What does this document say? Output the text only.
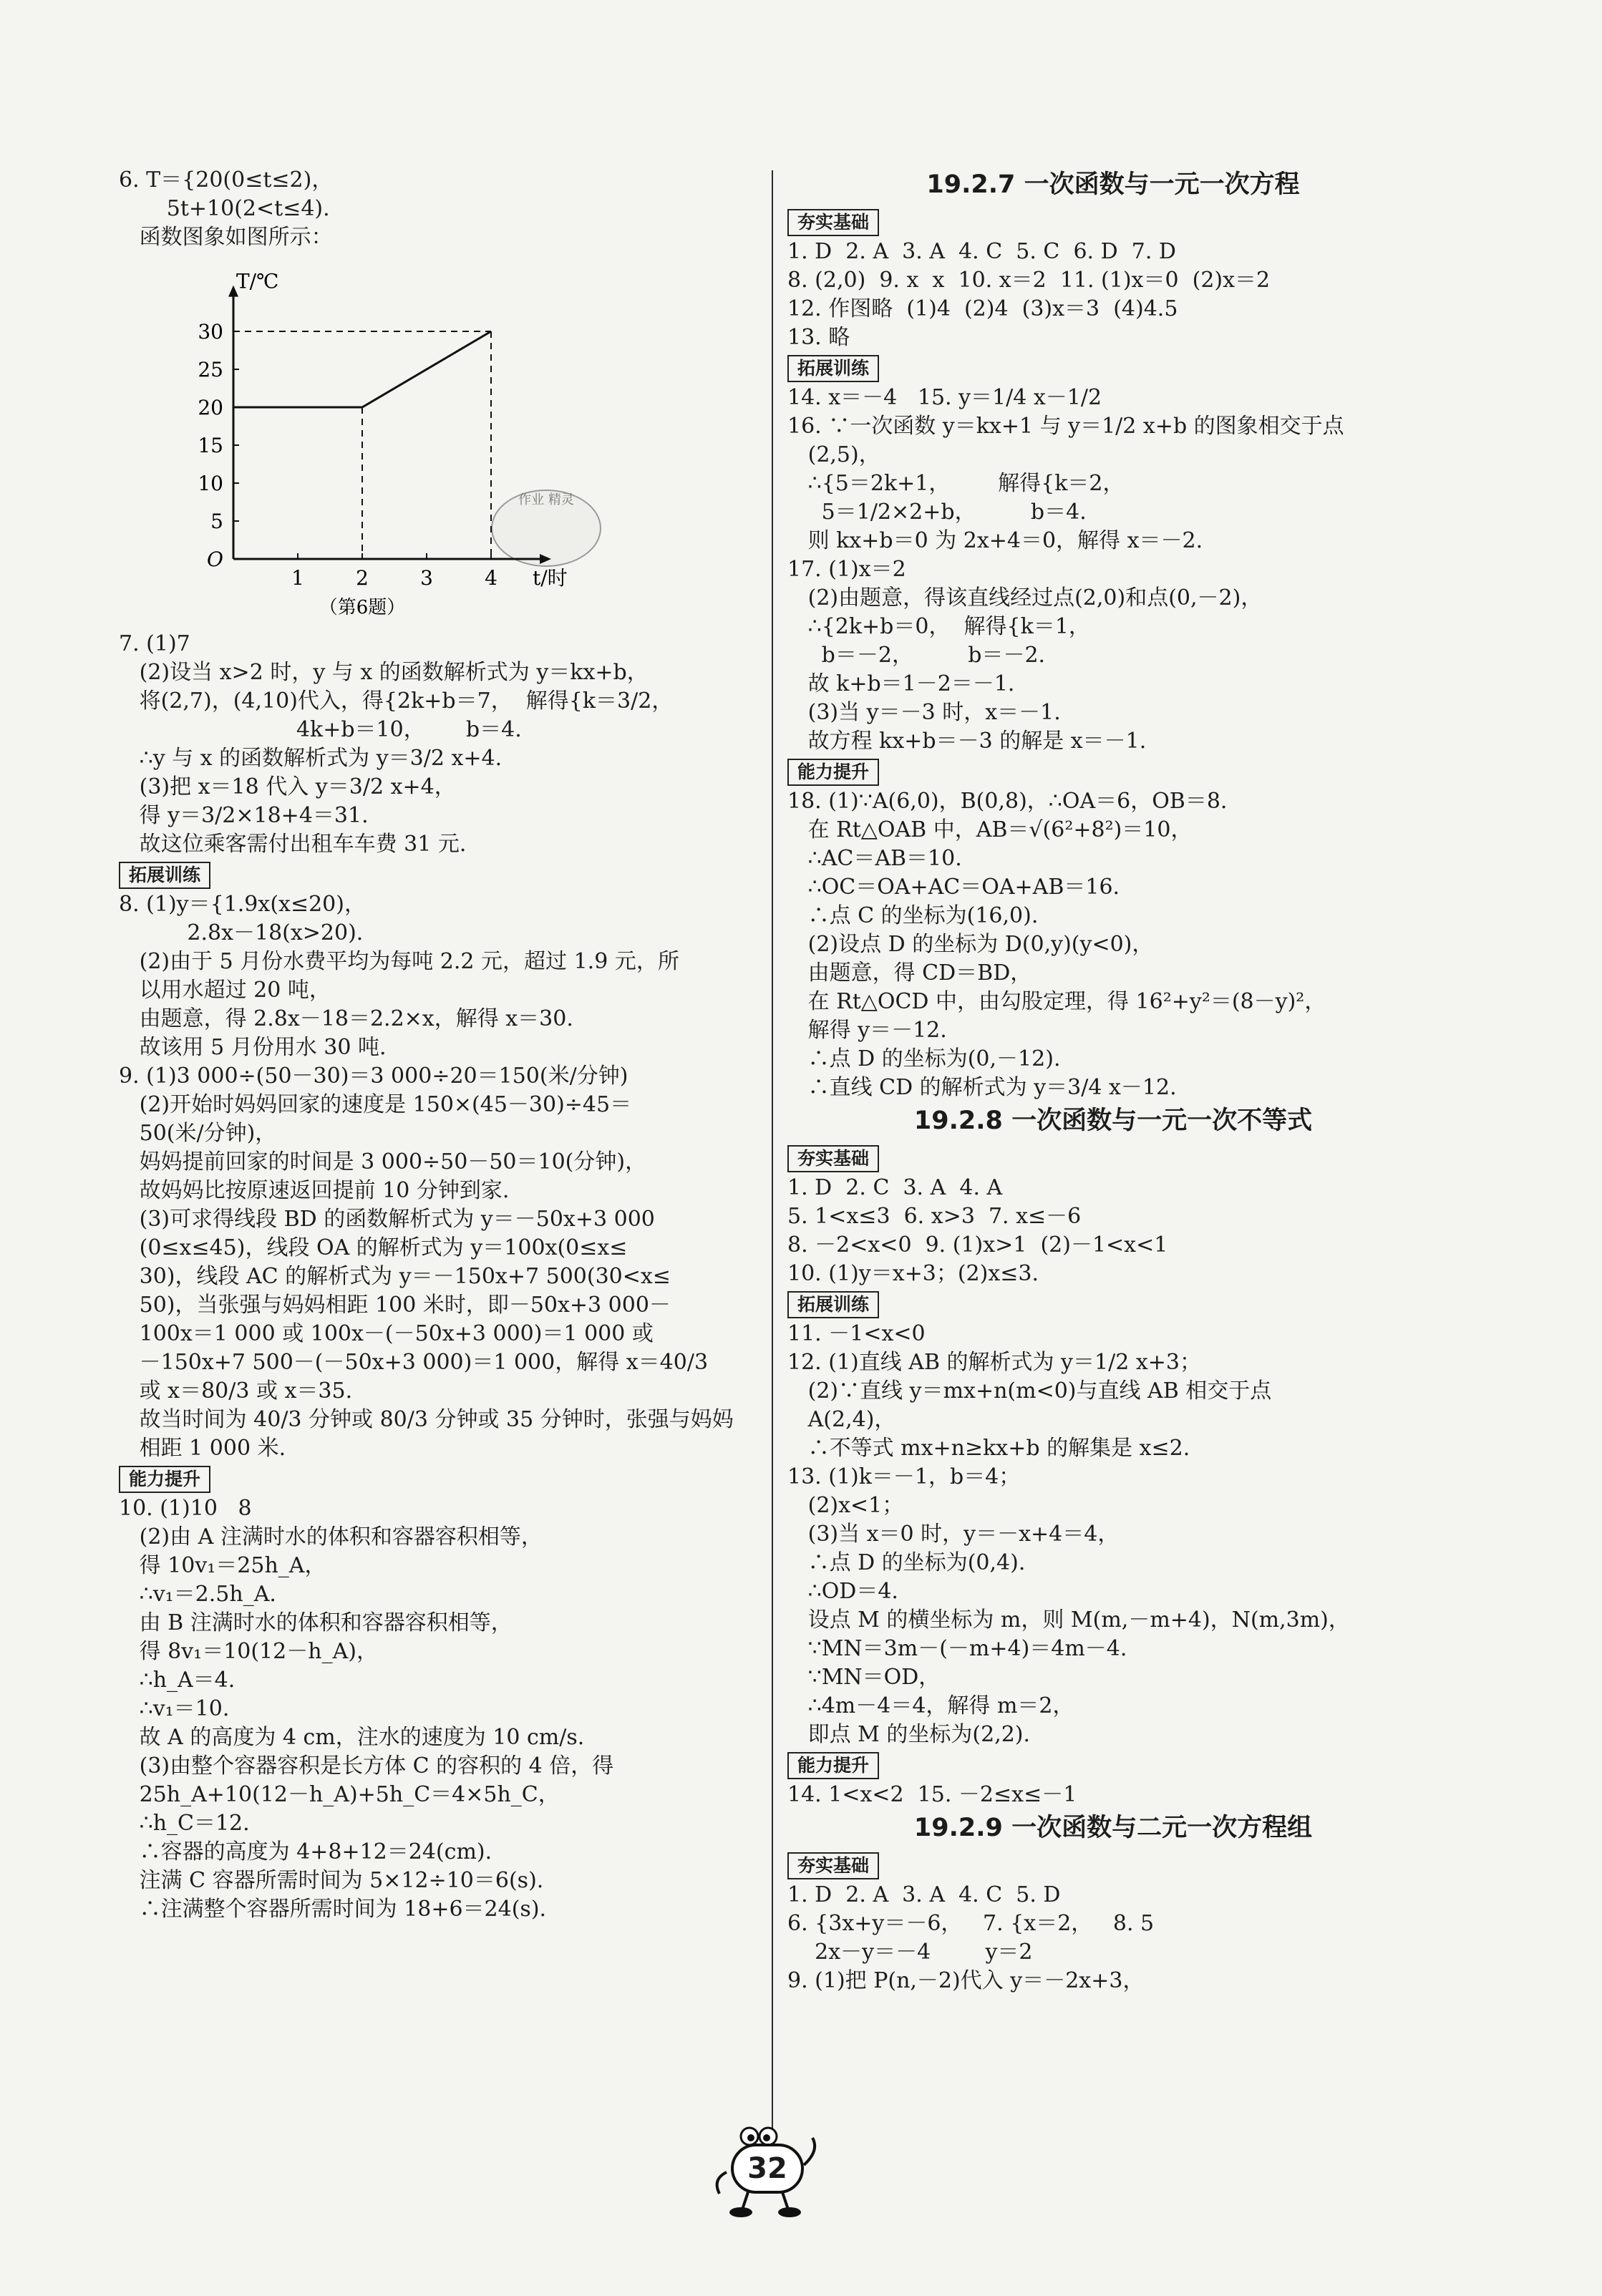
6. T＝{20(0≤t≤2)，
5t+10(2<t≤4).
函数图象如图所示：
作业 精灵
1	2	3	4
5
10
15
20
25
30
O
T/℃
t/时
（第6题）
7. (1)7
(2)设当 x>2 时，y 与 x 的函数解析式为 y＝kx+b，
将(2,7)，(4,10)代入，得{2k+b＝7，  解得{k＝3/2，
4k+b＝10，      b＝4.
∴y 与 x 的函数解析式为 y＝3/2 x+4.
(3)把 x＝18 代入 y＝3/2 x+4，
得 y＝3/2×18+4＝31.
故这位乘客需付出租车车费 31 元.
拓展训练
8. (1)y＝{1.9x(x≤20)，
2.8x－18(x>20).
(2)由于 5 月份水费平均为每吨 2.2 元，超过 1.9 元，所
以用水超过 20 吨，
由题意，得 2.8x－18＝2.2×x，解得 x＝30.
故该用 5 月份用水 30 吨.
9. (1)3 000÷(50－30)＝3 000÷20＝150(米/分钟)
(2)开始时妈妈回家的速度是 150×(45－30)÷45＝
50(米/分钟)，
妈妈提前回家的时间是 3 000÷50－50＝10(分钟)，
故妈妈比按原速返回提前 10 分钟到家.
(3)可求得线段 BD 的函数解析式为 y＝－50x+3 000
(0≤x≤45)，线段 OA 的解析式为 y＝100x(0≤x≤
30)，线段 AC 的解析式为 y＝－150x+7 500(30<x≤
50)，当张强与妈妈相距 100 米时，即－50x+3 000－
100x＝1 000 或 100x－(－50x+3 000)＝1 000 或
－150x+7 500－(－50x+3 000)＝1 000，解得 x＝40/3
或 x＝80/3 或 x＝35.
故当时间为 40/3 分钟或 80/3 分钟或 35 分钟时，张强与妈妈
相距 1 000 米.
能力提升
10. (1)10   8
(2)由 A 注满时水的体积和容器容积相等，
得 10v₁＝25h_A，
∴v₁＝2.5h_A.
由 B 注满时水的体积和容器容积相等，
得 8v₁＝10(12－h_A)，
∴h_A＝4.
∴v₁＝10.
故 A 的高度为 4 cm，注水的速度为 10 cm/s.
(3)由整个容器容积是长方体 C 的容积的 4 倍，得
25h_A+10(12－h_A)+5h_C＝4×5h_C，
∴h_C＝12.
∴容器的高度为 4+8+12＝24(cm).
注满 C 容器所需时间为 5×12÷10＝6(s).
∴注满整个容器所需时间为 18+6＝24(s).
19.2.7 一次函数与一元一次方程
夯实基础
1. D  2. A  3. A  4. C  5. C  6. D  7. D
8. (2,0)  9. x  x  10. x＝2  11. (1)x＝0  (2)x＝2
12. 作图略  (1)4  (2)4  (3)x＝3  (4)4.5
13. 略
拓展训练
14. x＝－4   15. y＝1/4 x－1/2
16. ∵一次函数 y＝kx+1 与 y＝1/2 x+b 的图象相交于点
(2,5)，
∴{5＝2k+1，       解得{k＝2，
5＝1/2×2+b，        b＝4.
则 kx+b＝0 为 2x+4＝0，解得 x＝－2.
17. (1)x＝2
(2)由题意，得该直线经过点(2,0)和点(0,－2)，
∴{2k+b＝0，  解得{k＝1，
b＝－2，        b＝－2.
故 k+b＝1－2＝－1.
(3)当 y＝－3 时，x＝－1.
故方程 kx+b＝－3 的解是 x＝－1.
能力提升
18. (1)∵A(6,0)，B(0,8)，∴OA＝6，OB＝8.
在 Rt△OAB 中，AB＝√(6²+8²)＝10，
∴AC＝AB＝10.
∴OC＝OA+AC＝OA+AB＝16.
∴点 C 的坐标为(16,0).
(2)设点 D 的坐标为 D(0,y)(y<0)，
由题意，得 CD＝BD，
在 Rt△OCD 中，由勾股定理，得 16²+y²＝(8－y)²，
解得 y＝－12.
∴点 D 的坐标为(0,－12).
∴直线 CD 的解析式为 y＝3/4 x－12.
19.2.8 一次函数与一元一次不等式
夯实基础
1. D  2. C  3. A  4. A
5. 1<x≤3  6. x>3  7. x≤－6
8. －2<x<0  9. (1)x>1  (2)－1<x<1
10. (1)y＝x+3；(2)x≤3.
拓展训练
11. －1<x<0
12. (1)直线 AB 的解析式为 y＝1/2 x+3；
(2)∵直线 y＝mx+n(m<0)与直线 AB 相交于点
A(2,4)，
∴不等式 mx+n≥kx+b 的解集是 x≤2.
13. (1)k＝－1，b＝4；
(2)x<1；
(3)当 x＝0 时，y＝－x+4＝4，
∴点 D 的坐标为(0,4).
∴OD＝4.
设点 M 的横坐标为 m，则 M(m,－m+4)，N(m,3m)，
∵MN＝3m－(－m+4)＝4m－4.
∵MN＝OD，
∴4m－4＝4，解得 m＝2，
即点 M 的坐标为(2,2).
能力提升
14. 1<x<2  15. －2≤x≤－1
19.2.9 一次函数与二元一次方程组
夯实基础
1. D  2. A  3. A  4. C  5. D
6. {3x+y＝－6，   7. {x＝2，   8. 5
2x－y＝－4        y＝2
9. (1)把 P(n,－2)代入 y＝－2x+3，
32
